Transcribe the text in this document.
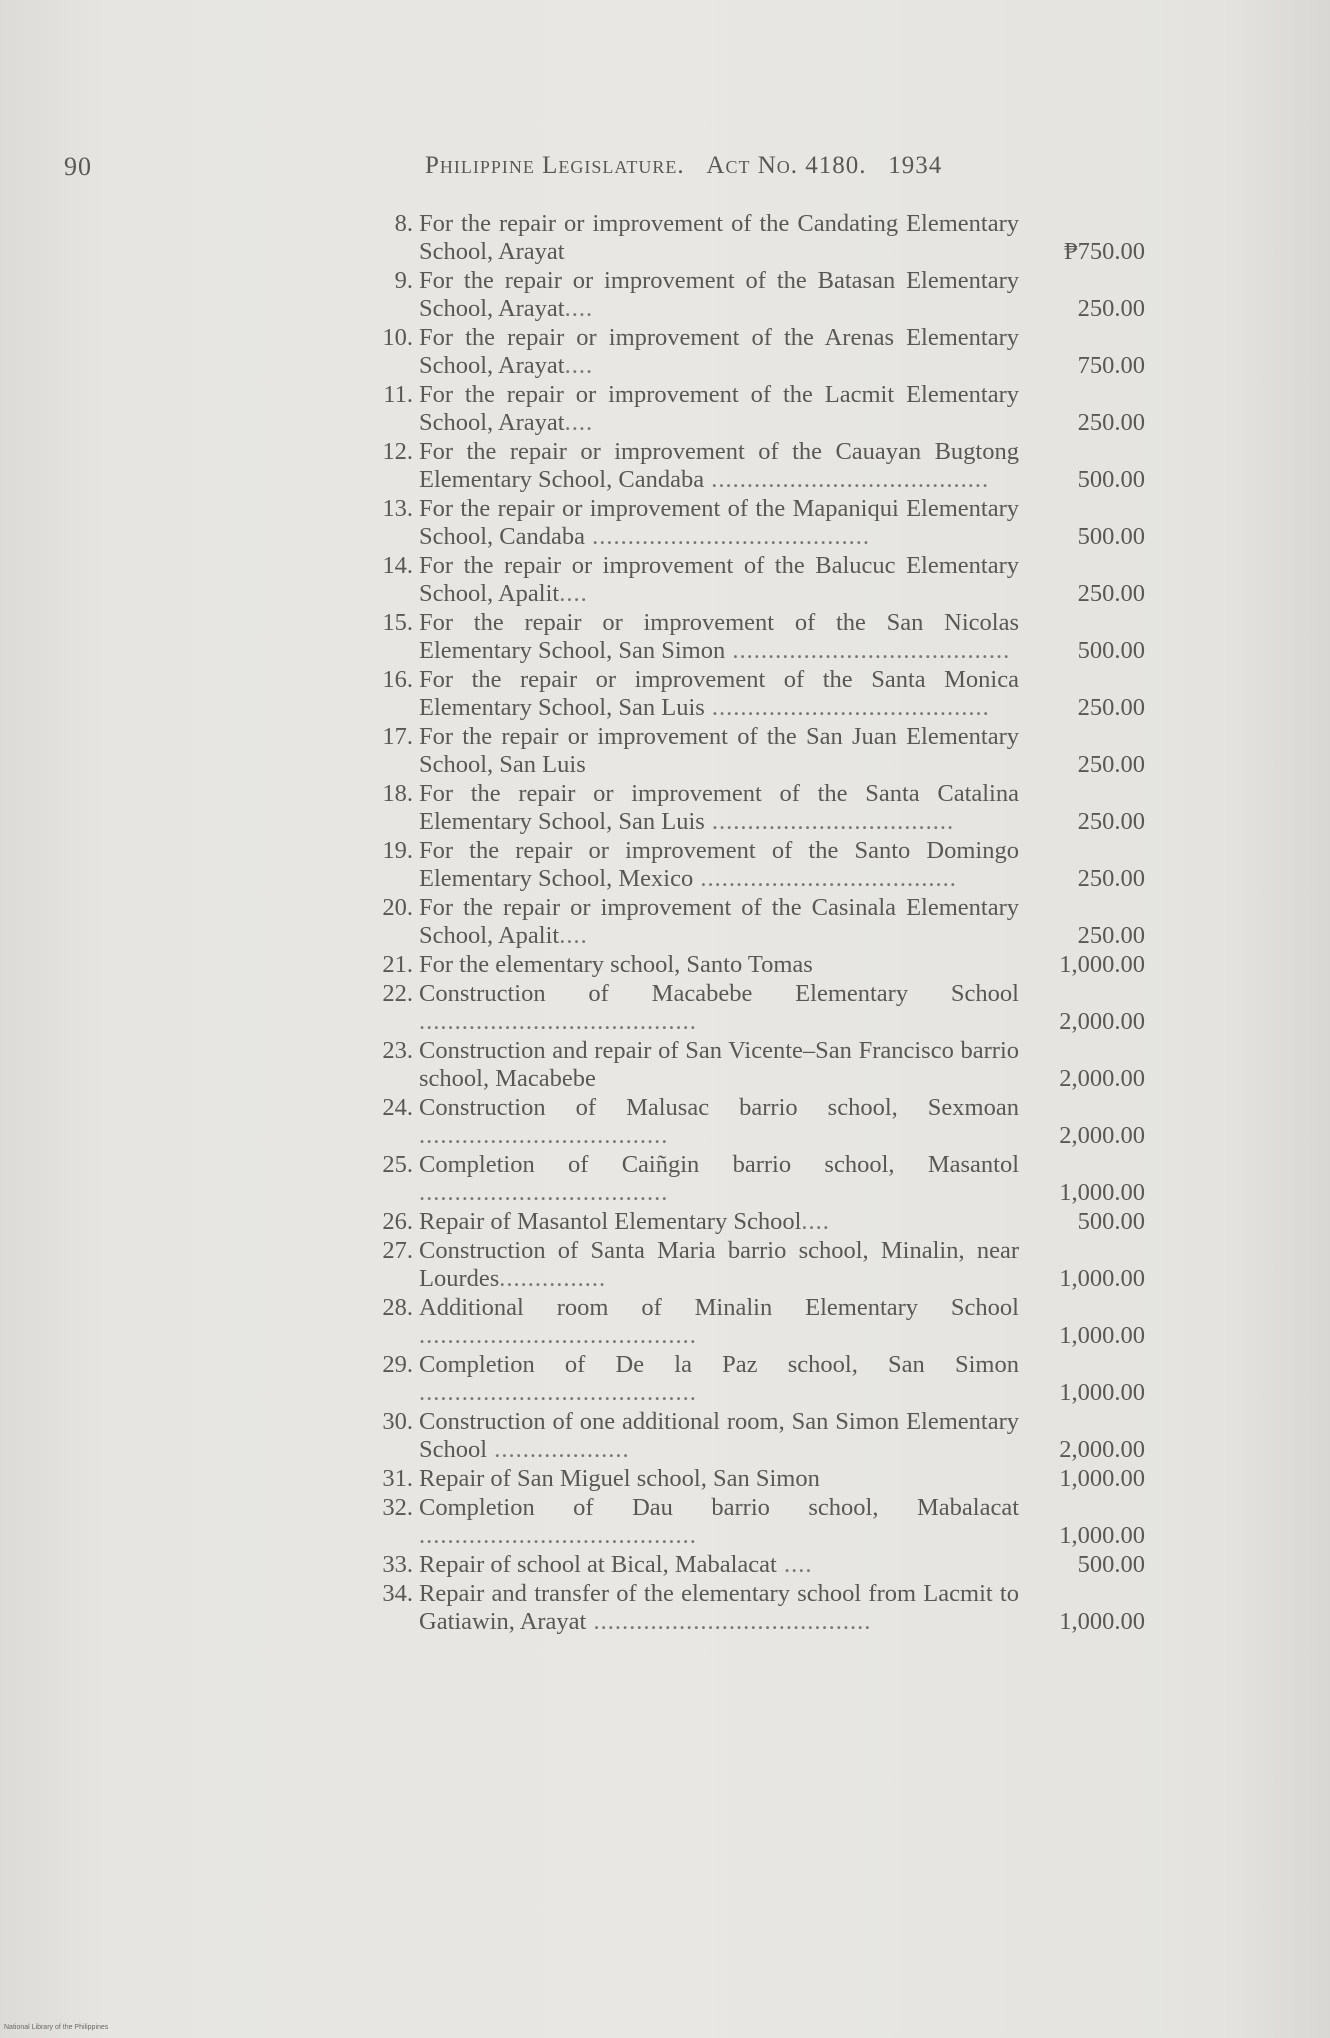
90	Philippine Legislature. Act No. 4180. 1934
8. For the repair or improvement of the Candating Elementary School, Arayat	₱750.00
9. For the repair or improvement of the Batasan Elementary School, Arayat....	250.00
10. For the repair or improvement of the Arenas Elementary School, Arayat....	750.00
11. For the repair or improvement of the Lacmit Elementary School, Arayat....	250.00
12. For the repair or improvement of the Cauayan Bugtong Elementary School, Candaba .......................................	500.00
13. For the repair or improvement of the Mapaniqui Elementary School, Candaba .......................................	500.00
14. For the repair or improvement of the Balucuc Elementary School, Apalit....	250.00
15. For the repair or improvement of the San Nicolas Elementary School, San Simon .......................................	500.00
16. For the repair or improvement of the Santa Monica Elementary School, San Luis .......................................	250.00
17. For the repair or improvement of the San Juan Elementary School, San Luis	250.00
18. For the repair or improvement of the Santa Catalina Elementary School, San Luis ..................................	250.00
19. For the repair or improvement of the Santo Domingo Elementary School, Mexico ....................................	250.00
20. For the repair or improvement of the Casinala Elementary School, Apalit....	250.00
21. For the elementary school, Santo Tomas	1,000.00
22. Construction of Macabebe Elementary School .......................................	2,000.00
23. Construction and repair of San Vicente–San Francisco barrio school, Macabebe	2,000.00
24. Construction of Malusac barrio school, Sexmoan ...................................	2,000.00
25. Completion of Caiñgin barrio school, Masantol ...................................	1,000.00
26. Repair of Masantol Elementary School....	500.00
27. Construction of Santa Maria barrio school, Minalin, near Lourdes...............	1,000.00
28. Additional room of Minalin Elementary School .......................................	1,000.00
29. Completion of De la Paz school, San Simon .......................................	1,000.00
30. Construction of one additional room, San Simon Elementary School ...................	2,000.00
31. Repair of San Miguel school, San Simon	1,000.00
32. Completion of Dau barrio school, Mabalacat .......................................	1,000.00
33. Repair of school at Bical, Mabalacat ....	500.00
34. Repair and transfer of the elementary school from Lacmit to Gatiawin, Arayat .......................................	1,000.00
National Library of the Philippines
